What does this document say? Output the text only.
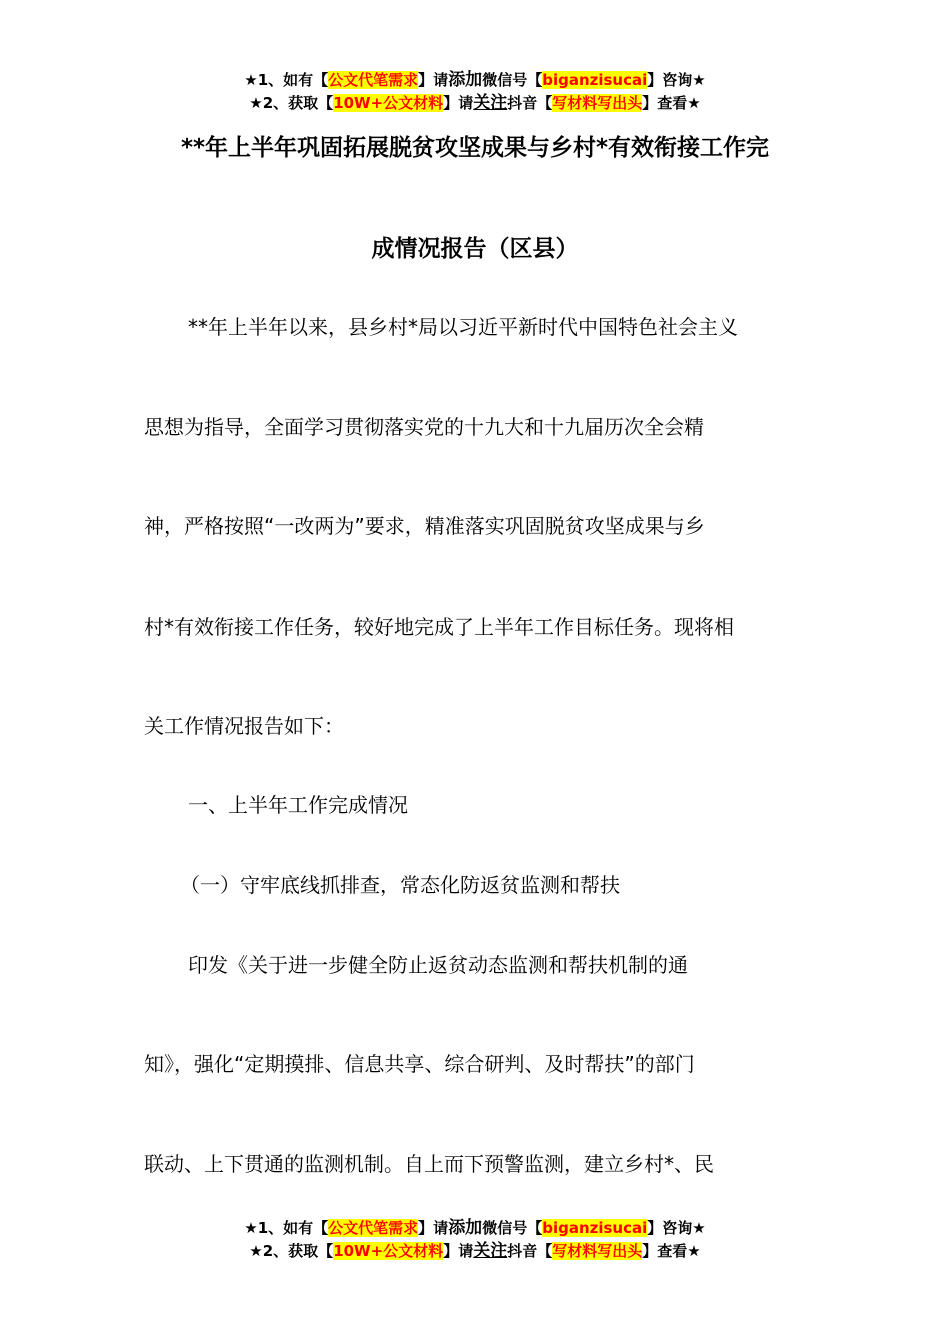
★1、如有【公文代笔需求】请添加微信号【biganzisucai】咨询★
★2、获取【10W+公文材料】请关注抖音【写材料写出头】查看★
**年上半年巩固拓展脱贫攻坚成果与乡村*有效衔接工作完
成情况报告（区县）
**年上半年以来，县乡村*局以习近平新时代中国特色社会主义
思想为指导，全面学习贯彻落实党的十九大和十九届历次全会精
神，严格按照“一改两为”要求，精准落实巩固脱贫攻坚成果与乡
村*有效衔接工作任务，较好地完成了上半年工作目标任务。现将相
关工作情况报告如下：
一、上半年工作完成情况
（一）守牢底线抓排查，常态化防返贫监测和帮扶
印发《关于进一步健全防止返贫动态监测和帮扶机制的通
知》，强化“定期摸排、信息共享、综合研判、及时帮扶”的部门
联动、上下贯通的监测机制。自上而下预警监测，建立乡村*、民
★1、如有【公文代笔需求】请添加微信号【biganzisucai】咨询★
★2、获取【10W+公文材料】请关注抖音【写材料写出头】查看★
